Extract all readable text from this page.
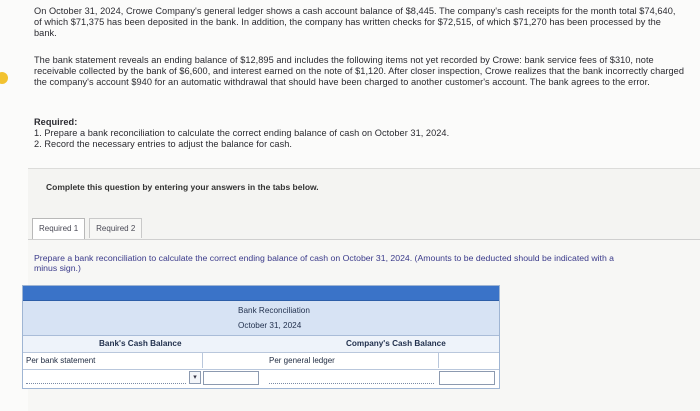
On October 31, 2024, Crowe Company's general ledger shows a cash account balance of $8,445. The company's cash receipts for the month total $74,640, of which $71,375 has been deposited in the bank. In addition, the company has written checks for $72,515, of which $71,270 has been processed by the bank.
The bank statement reveals an ending balance of $12,895 and includes the following items not yet recorded by Crowe: bank service fees of $310, note receivable collected by the bank of $6,600, and interest earned on the note of $1,120. After closer inspection, Crowe realizes that the bank incorrectly charged the company's account $940 for an automatic withdrawal that should have been charged to another customer's account. The bank agrees to the error.
Required:
1. Prepare a bank reconciliation to calculate the correct ending balance of cash on October 31, 2024.
2. Record the necessary entries to adjust the balance for cash.
Complete this question by entering your answers in the tabs below.
Required 1	Required 2
Prepare a bank reconciliation to calculate the correct ending balance of cash on October 31, 2024. (Amounts to be deducted should be indicated with a minus sign.)
Bank Reconciliation
October 31, 2024
Bank's Cash Balance	Company's Cash Balance
Per bank statement	Per general ledger
▾
